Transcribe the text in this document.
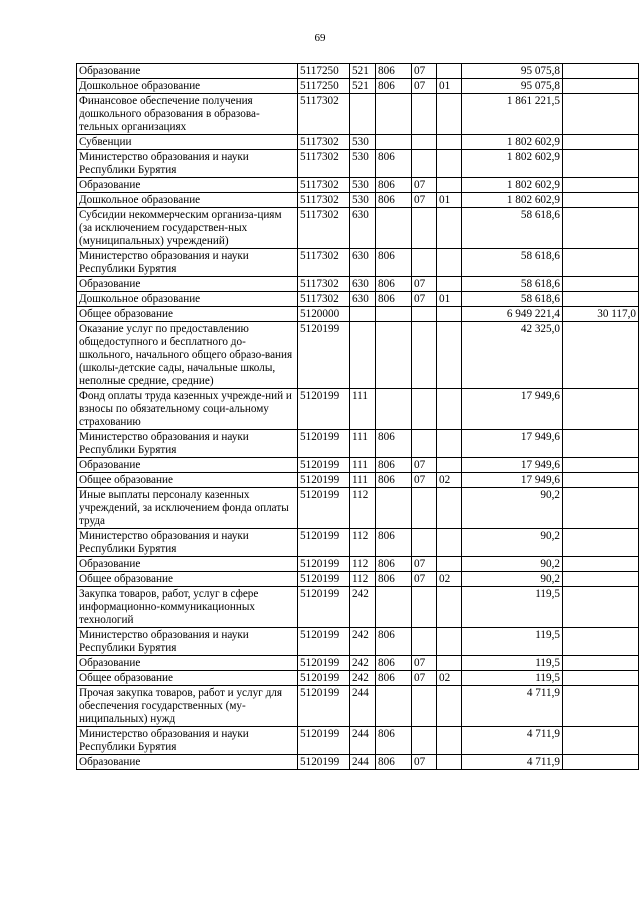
69
Образование	5117250	521	806	07		95 075,8	
Дошкольное образование	5117250	521	806	07	01	95 075,8	
Финансовое обеспечение получения дошкольного образования в образова-тельных организациях	5117302					1 861 221,5	
Субвенции	5117302	530				1 802 602,9	
Министерство образования и науки Республики Бурятия	5117302	530	806			1 802 602,9	
Образование	5117302	530	806	07		1 802 602,9	
Дошкольное образование	5117302	530	806	07	01	1 802 602,9	
Субсидии некоммерческим организа-циям (за исключением государствен-ных (муниципальных) учреждений)	5117302	630				58 618,6	
Министерство образования и науки Республики Бурятия	5117302	630	806			58 618,6	
Образование	5117302	630	806	07		58 618,6	
Дошкольное образование	5117302	630	806	07	01	58 618,6	
Общее образование	5120000					6 949 221,4	30 117,0
Оказание услуг по предоставлению общедоступного и бесплатного до-школьного, начального общего образо-вания (школы-детские сады, начальные школы, неполные средние, средние)	5120199					42 325,0	
Фонд оплаты труда казенных учрежде-ний и взносы по обязательному соци-альному страхованию	5120199	111				17 949,6	
Министерство образования и науки Республики Бурятия	5120199	111	806			17 949,6	
Образование	5120199	111	806	07		17 949,6	
Общее образование	5120199	111	806	07	02	17 949,6	
Иные выплаты персоналу казенных учреждений, за исключением фонда оплаты труда	5120199	112				90,2	
Министерство образования и науки Республики Бурятия	5120199	112	806			90,2	
Образование	5120199	112	806	07		90,2	
Общее образование	5120199	112	806	07	02	90,2	
Закупка товаров, работ, услуг в сфере информационно-коммуникационных технологий	5120199	242				119,5	
Министерство образования и науки Республики Бурятия	5120199	242	806			119,5	
Образование	5120199	242	806	07		119,5	
Общее образование	5120199	242	806	07	02	119,5	
Прочая закупка товаров, работ и услуг для обеспечения государственных (му-ниципальных) нужд	5120199	244				4 711,9	
Министерство образования и науки Республики Бурятия	5120199	244	806			4 711,9	
Образование	5120199	244	806	07		4 711,9	
